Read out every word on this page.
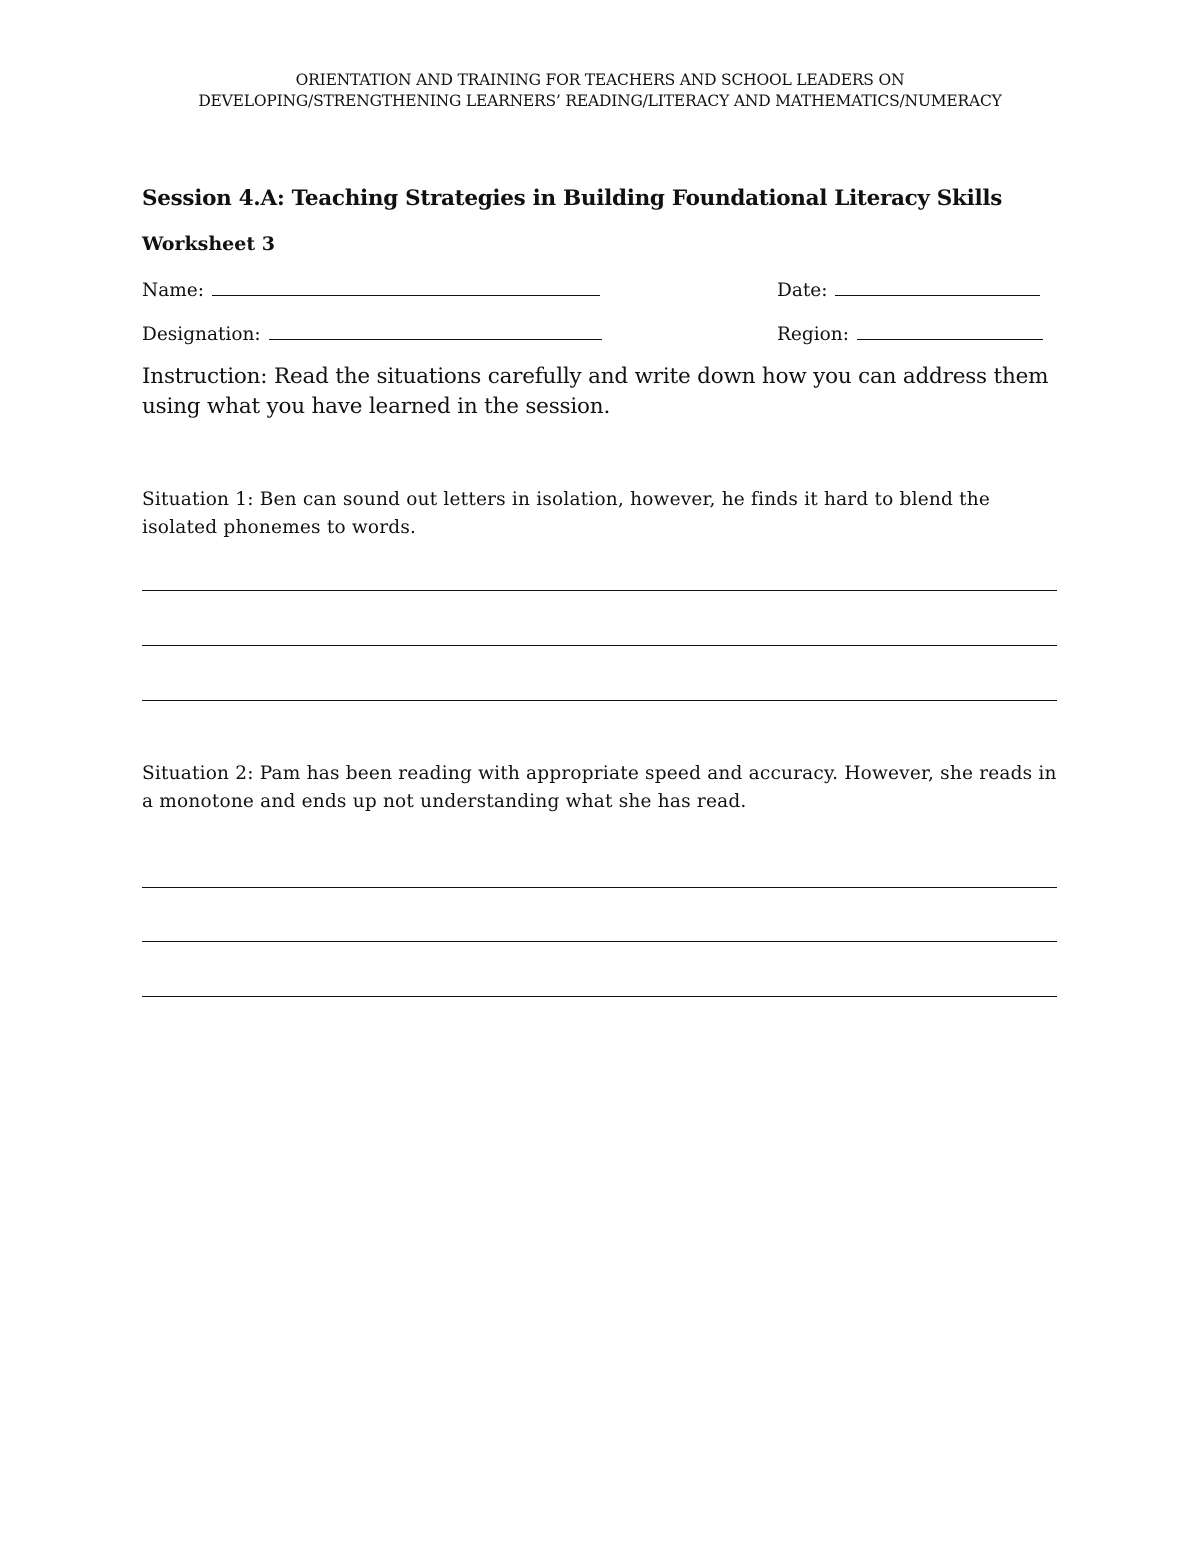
ORIENTATION AND TRAINING FOR TEACHERS AND SCHOOL LEADERS ON
DEVELOPING/STRENGTHENING LEARNERS’ READING/LITERACY AND MATHEMATICS/NUMERACY
Session 4.A: Teaching Strategies in Building Foundational Literacy Skills
Worksheet 3
Name:	Date:
Designation:	Region:
Instruction: Read the situations carefully and write down how you can address them using what you have learned in the session.
Situation 1: Ben can sound out letters in isolation, however, he finds it hard to blend the isolated phonemes to words.
Situation 2: Pam has been reading with appropriate speed and accuracy. However, she reads in a monotone and ends up not understanding what she has read.
